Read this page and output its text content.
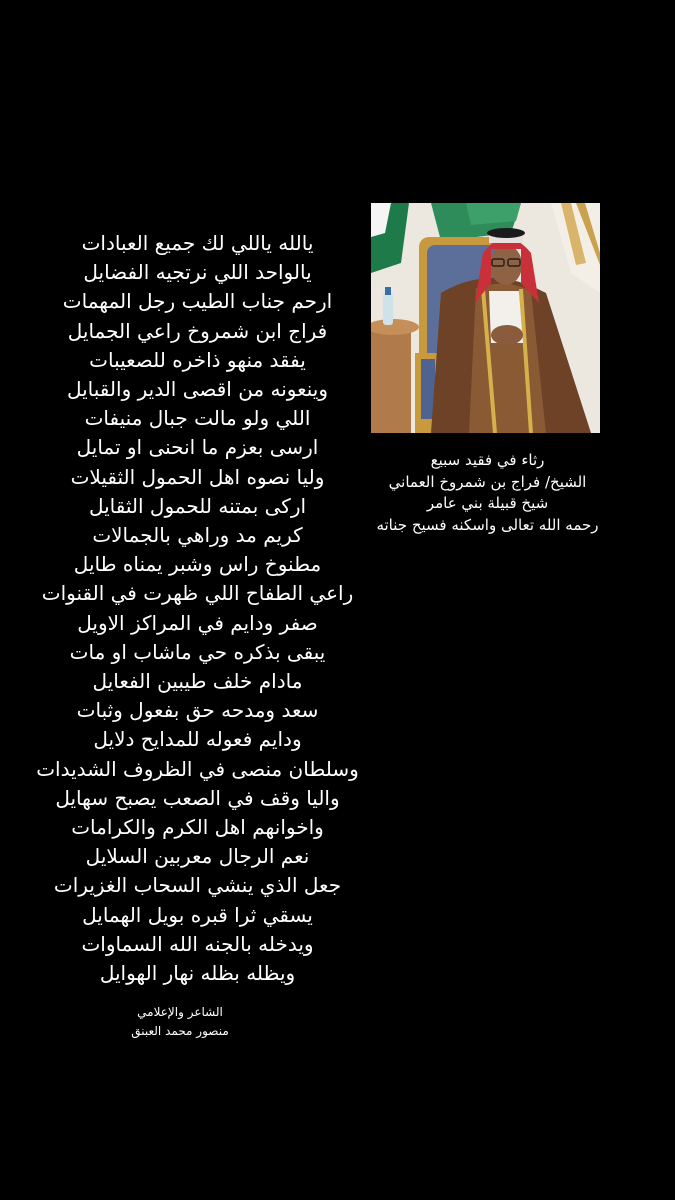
رثاء في فقيد سبيع
الشيخ/ فراج بن شمروخ العماني
شيخ قبيلة بني عامر
رحمه الله تعالى واسكنه فسيح جناته
يالله ياللي لك جميع العبادات
يالواحد اللي نرتجيه الفضايل
ارحم جناب الطيب رجل المهمات
فراج ابن شمروخ راعي الجمايل
يفقد منهو ذاخره للصعيبات
وينعونه من اقصى الدير والقبايل
اللي ولو مالت جبال منيفات
ارسى بعزم ما انحنى او تمايل
وليا نصوه اهل الحمول الثقيلات
اركى بمتنه للحمول الثقايل
كريم مد وراهي بالجمالات
مطنوخ راس وشبر يمناه طايل
راعي الطفاح اللي ظهرت في القنوات
صفر ودايم في المراكز الاويل
يبقى بذكره حي ماشاب او مات
مادام خلف طيبين الفعايل
سعد ومدحه حق بفعول وثبات
ودايم فعوله للمدايح دلايل
وسلطان منصى في الظروف الشديدات
واليا وقف في الصعب يصبح سهايل
واخوانهم اهل الكرم والكرامات
نعم الرجال معربين السلايل
جعل الذي ينشي السحاب الغزيرات
يسقي ثرا قبره بويل الهمايل
ويدخله بالجنه الله السماوات
ويظله بظله نهار الهوايل
الشاعر والإعلامي
منصور محمد العبنق
